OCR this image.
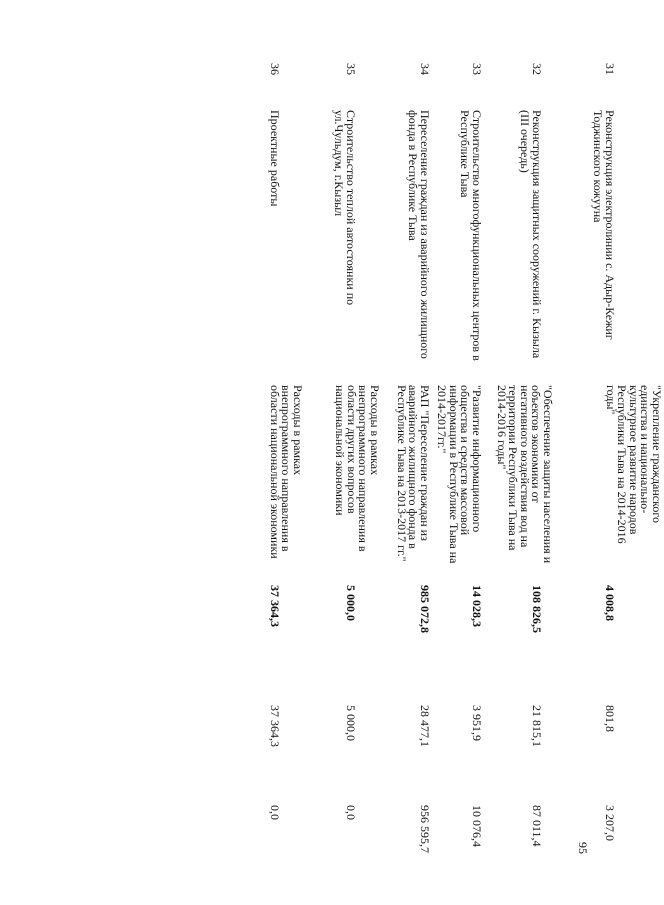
95
31
Реконструкция электролинии с. Адыр-Кежиг
Тоджинского кожууна
"Укрепление гражданского
единства и национально-
культурное развитие народов
Республики Тыва на 2014-2016
годы"
4 008,8
801,8
3 207,0
32
Реконструкция защитных сооружений г. Кызыла
(III очередь)
"Обеспечение защиты населения и
объектов экономики от
негативного воздействия вод на
территории Республики Тыва на
2014-2016 годы"
108 826,5
21 815,1
87 011,4
33
Строительство многофункциональных центров в
Республике Тыва
"Развитие информационного
общества и средств массовой
информации в Республике Тыва на
2014-2017гг."
14 028,3
3 951,9
10 076,4
34
Переселение граждан из аварийного жилищного
фонда в Республике Тыва
РАП "Переселение граждан из
аварийного жилищного фонда в
Республике Тыва на 2013-2017 гг."
985 072,8
28 477,1
956 595,7
35
Строительство теплой автостоянки по
ул.Чульдум, г.Кызыл
Расходы в рамках
внепрограммного направления в
области других вопросов
национальной экономики
5 000,0
5 000,0
0,0
36
Проектные работы
Расходы в рамках
внепрограммного направления в
области национальной экономики
37 364,3
37 364,3
0,0
